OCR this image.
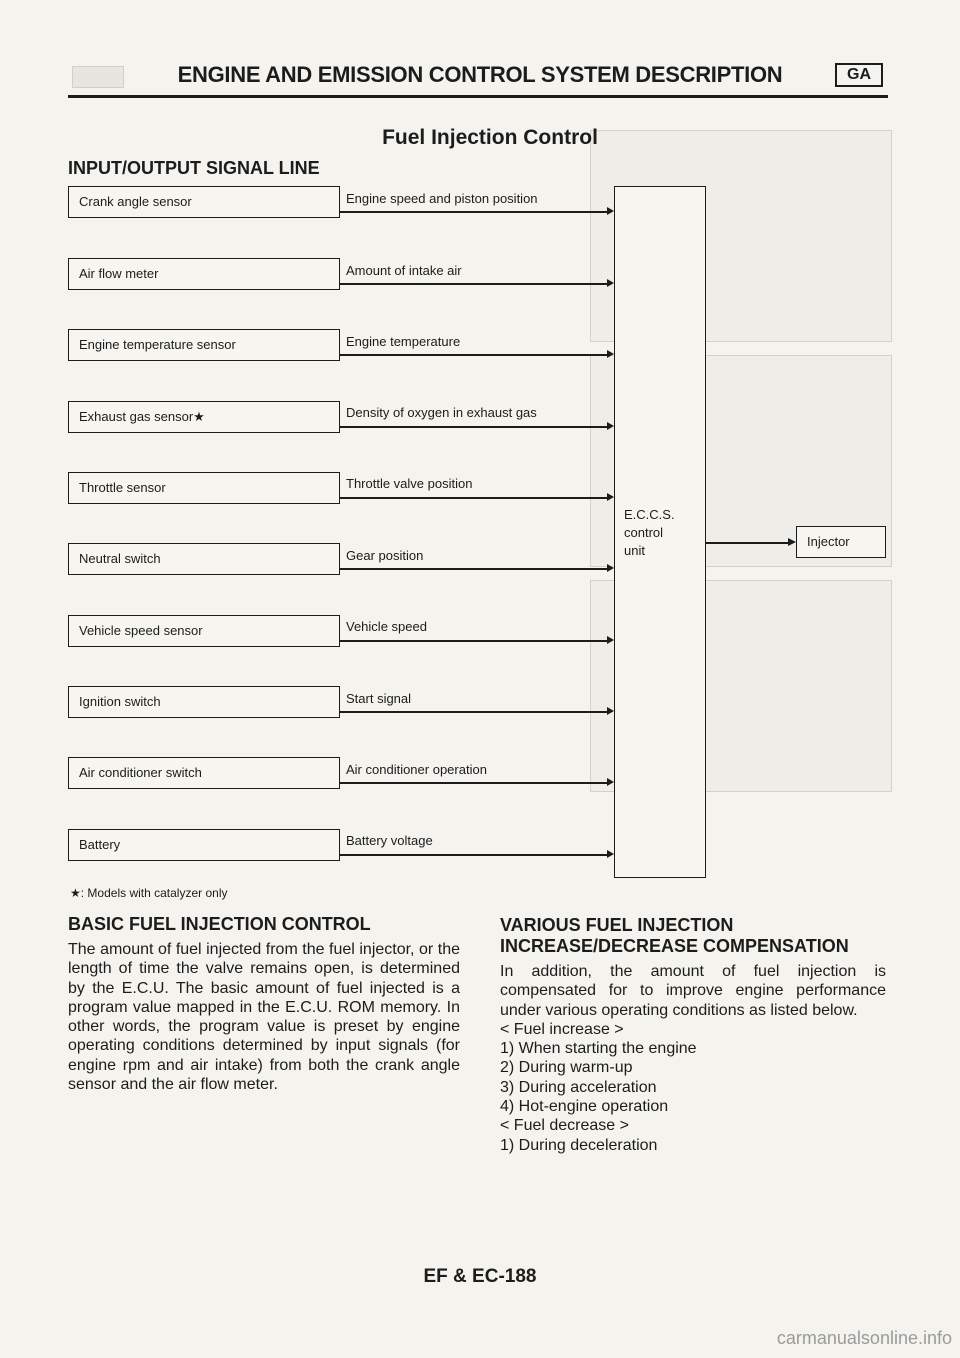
ENGINE AND EMISSION CONTROL SYSTEM DESCRIPTION	GA
Fuel Injection Control
INPUT/OUTPUT SIGNAL LINE
Crank angle sensor	Engine speed and piston position
Air flow meter	Amount of intake air
Engine temperature sensor	Engine temperature
Exhaust gas sensor★	Density of oxygen in exhaust gas
Throttle sensor	Throttle valve position
Neutral switch	Gear position
Vehicle speed sensor	Vehicle speed
Ignition switch	Start signal
Air conditioner switch	Air conditioner operation
Battery	Battery voltage
E.C.C.S.
control
unit
Injector
★: Models with catalyzer only
BASIC FUEL INJECTION CONTROL

The amount of fuel injected from the fuel injector, or the length of time the valve remains open, is determined by the E.C.U. The basic amount of fuel injected is a program value mapped in the E.C.U. ROM memory. In other words, the program value is preset by engine operating conditions determined by input signals (for engine rpm and air intake) from both the crank angle sensor and the air flow meter.

VARIOUS FUEL INJECTION
INCREASE/DECREASE COMPENSATION

In addition, the amount of fuel injection is compensated for to improve engine performance under various operating conditions as listed below.

< Fuel increase >

1) When starting the engine

2) During warm-up

3) During acceleration

4) Hot-engine operation

< Fuel decrease >

1) During deceleration

EF & EC-188
carmanualsonline.info
